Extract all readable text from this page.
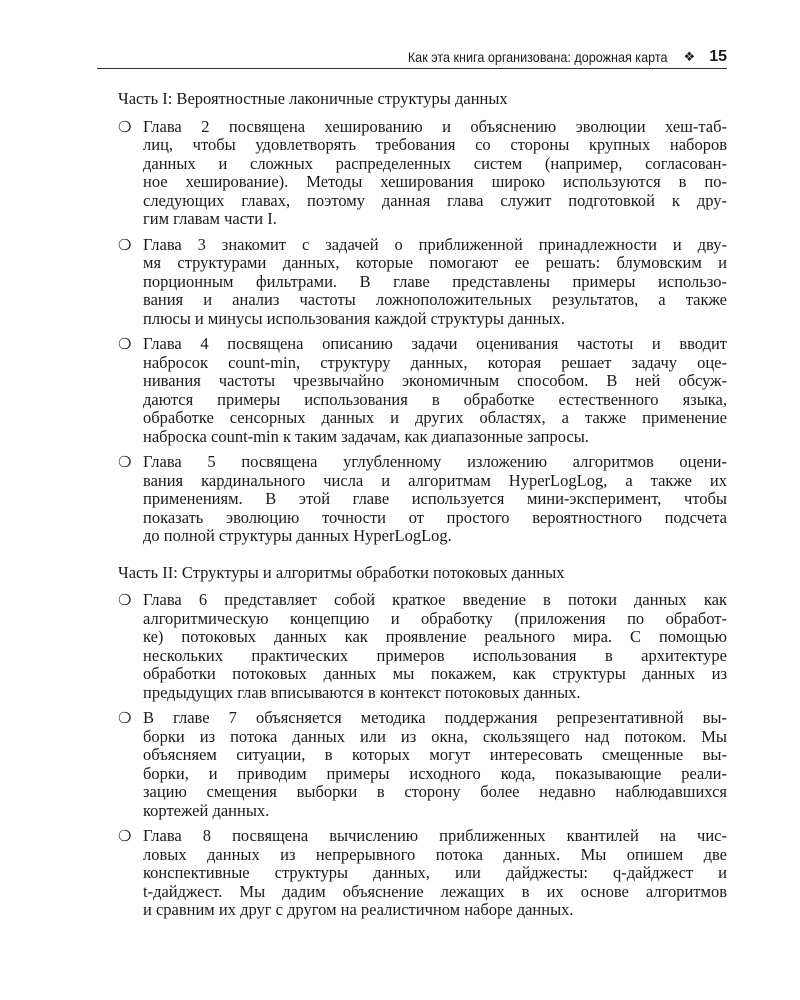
Как эта книга организована: дорожная карта ❖ 15
Часть I: Вероятностные лаконичные структуры данных
❍ Глава 2 посвящена хешированию и объяснению эволюции хеш-таб-
лиц, чтобы удовлетворять требования со стороны крупных наборов
данных и сложных распределенных систем (например, согласован-
ное хеширование). Методы хеширования широко используются в по-
следующих главах, поэтому данная глава служит подготовкой к дру-
гим главам части I.
❍ Глава 3 знакомит с задачей о приближенной принадлежности и дву-
мя структурами данных, которые помогают ее решать: блумовским и
порционным фильтрами. В главе представлены примеры использо-
вания и анализ частоты ложноположительных результатов, а также
плюсы и минусы использования каждой структуры данных.
❍ Глава 4 посвящена описанию задачи оценивания частоты и вводит
набросок count-min, структуру данных, которая решает задачу оце-
нивания частоты чрезвычайно экономичным способом. В ней обсуж-
даются примеры использования в обработке естественного языка,
обработке сенсорных данных и других областях, а также применение
наброска count-min к таким задачам, как диапазонные запросы.
❍ Глава 5 посвящена углубленному изложению алгоритмов оцени-
вания кардинального числа и алгоритмам HyperLogLog, а также их
применениям. В этой главе используется мини-эксперимент, чтобы
показать эволюцию точности от простого вероятностного подсчета
до полной структуры данных HyperLogLog.
Часть II: Структуры и алгоритмы обработки потоковых данных
❍ Глава 6 представляет собой краткое введение в потоки данных как
алгоритмическую концепцию и обработку (приложения по обработ-
ке) потоковых данных как проявление реального мира. С помощью
нескольких практических примеров использования в архитектуре
обработки потоковых данных мы покажем, как структуры данных из
предыдущих глав вписываются в контекст потоковых данных.
❍ В главе 7 объясняется методика поддержания репрезентативной вы-
борки из потока данных или из окна, скользящего над потоком. Мы
объясняем ситуации, в которых могут интересовать смещенные вы-
борки, и приводим примеры исходного кода, показывающие реали-
зацию смещения выборки в сторону более недавно наблюдавшихся
кортежей данных.
❍ Глава 8 посвящена вычислению приближенных квантилей на чис-
ловых данных из непрерывного потока данных. Мы опишем две
конспективные структуры данных, или дайджесты: q-дайджест и
t-дайджест. Мы дадим объяснение лежащих в их основе алгоритмов
и сравним их друг с другом на реалистичном наборе данных.
